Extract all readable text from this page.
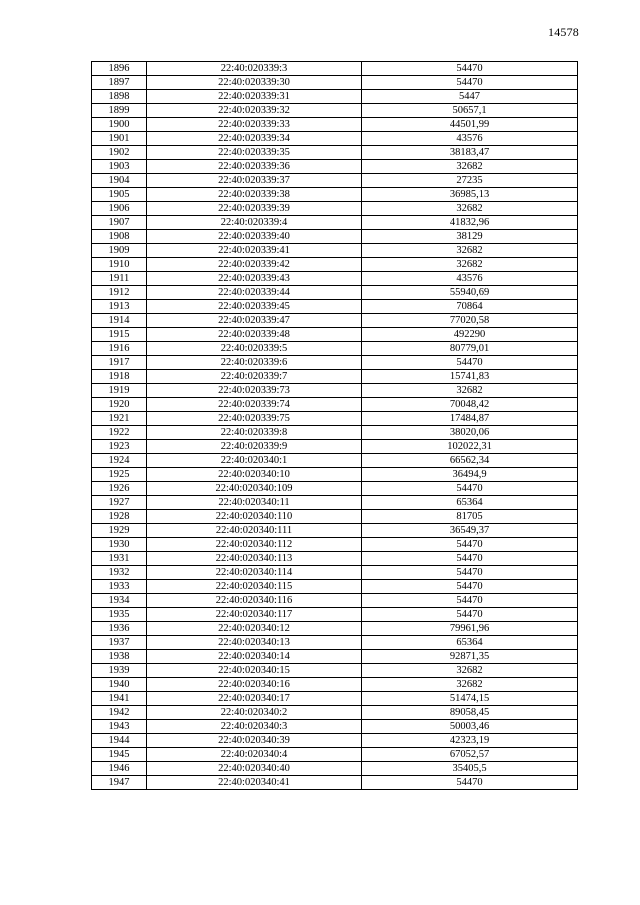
14578
1896	22:40:020339:3	54470
1897	22:40:020339:30	54470
1898	22:40:020339:31	5447
1899	22:40:020339:32	50657,1
1900	22:40:020339:33	44501,99
1901	22:40:020339:34	43576
1902	22:40:020339:35	38183,47
1903	22:40:020339:36	32682
1904	22:40:020339:37	27235
1905	22:40:020339:38	36985,13
1906	22:40:020339:39	32682
1907	22:40:020339:4	41832,96
1908	22:40:020339:40	38129
1909	22:40:020339:41	32682
1910	22:40:020339:42	32682
1911	22:40:020339:43	43576
1912	22:40:020339:44	55940,69
1913	22:40:020339:45	70864
1914	22:40:020339:47	77020,58
1915	22:40:020339:48	492290
1916	22:40:020339:5	80779,01
1917	22:40:020339:6	54470
1918	22:40:020339:7	15741,83
1919	22:40:020339:73	32682
1920	22:40:020339:74	70048,42
1921	22:40:020339:75	17484,87
1922	22:40:020339:8	38020,06
1923	22:40:020339:9	102022,31
1924	22:40:020340:1	66562,34
1925	22:40:020340:10	36494,9
1926	22:40:020340:109	54470
1927	22:40:020340:11	65364
1928	22:40:020340:110	81705
1929	22:40:020340:111	36549,37
1930	22:40:020340:112	54470
1931	22:40:020340:113	54470
1932	22:40:020340:114	54470
1933	22:40:020340:115	54470
1934	22:40:020340:116	54470
1935	22:40:020340:117	54470
1936	22:40:020340:12	79961,96
1937	22:40:020340:13	65364
1938	22:40:020340:14	92871,35
1939	22:40:020340:15	32682
1940	22:40:020340:16	32682
1941	22:40:020340:17	51474,15
1942	22:40:020340:2	89058,45
1943	22:40:020340:3	50003,46
1944	22:40:020340:39	42323,19
1945	22:40:020340:4	67052,57
1946	22:40:020340:40	35405,5
1947	22:40:020340:41	54470
